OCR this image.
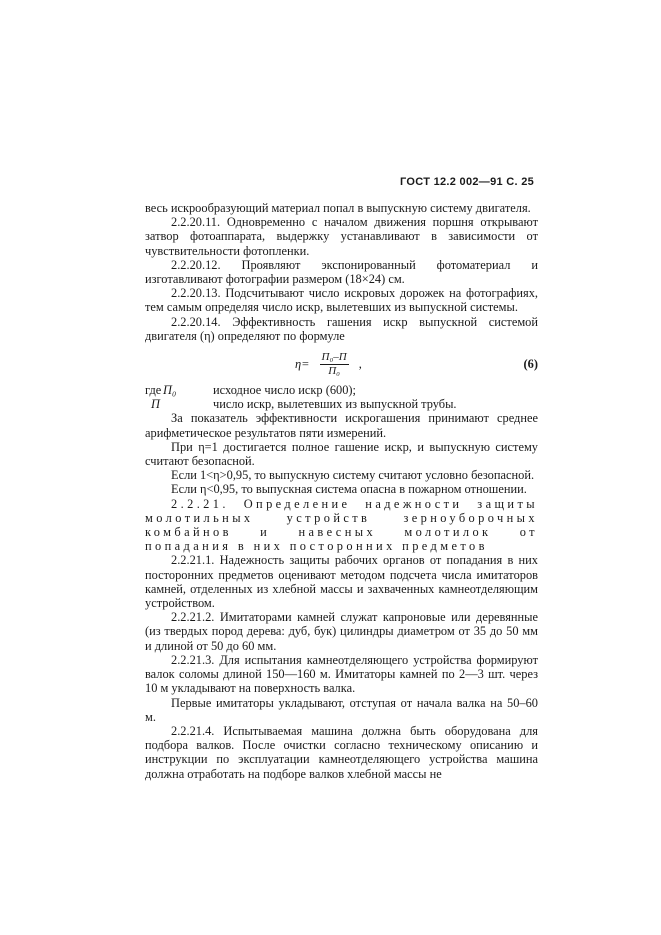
ГОСТ 12.2 002—91 С. 25

весь искрообразующий материал попал в выпускную систему двигателя.

2.2.20.11. Одновременно с началом движения поршня открывают затвор фотоаппарата, выдержку устанавливают в зависимости от чувствительности фотопленки.

2.2.20.12. Проявляют экспонированный фотоматериал и изготавливают фотографии размером (18×24) см.

2.2.20.13. Подсчитывают число искровых дорожек на фотографиях, тем самым определяя число искр, вылетевших из выпускной системы.

2.2.20.14. Эффективность гашения искр выпускной системой двигателя (η) определяют по формуле

$\eta= \frac{\text{П₀–П}}{\text{П₀}}$ ,	(6)
где П₀	исходное число искр (600);
П	число искр, вылетевших из выпускной трубы.

За показатель эффективности искрогашения принимают среднее арифметическое результатов пяти измерений.

При η=1 достигается полное гашение искр, и выпускную систему считают безопасной.

Если 1<η>0,95, то выпускную систему считают условно безопасной.

Если η<0,95, то выпускная система опасна в пожарном отношении.

2.2.21. Определение надежности защиты молотильных устройств зерноуборочных комбайнов и навесных молотилок от попадания в них посторонних предметов

2.2.21.1. Надежность защиты рабочих органов от попадания в них посторонних предметов оценивают методом подсчета числа имитаторов камней, отделенных из хлебной массы и захваченных камнеотделяющим устройством.

2.2.21.2. Имитаторами камней служат капроновые или деревянные (из твердых пород дерева: дуб, бук) цилиндры диаметром от 35 до 50 мм и длиной от 50 до 60 мм.

2.2.21.3. Для испытания камнеотделяющего устройства формируют валок соломы длиной 150—160 м. Имитаторы камней по 2—3 шт. через 10 м укладывают на поверхность валка.

Первые имитаторы укладывают, отступая от начала валка на 50–60 м.

2.2.21.4. Испытываемая машина должна быть оборудована для подбора валков. После очистки согласно техническому описанию и инструкции по эксплуатации камнеотделяющего устройства машина должна отработать на подборе валков хлебной массы не
